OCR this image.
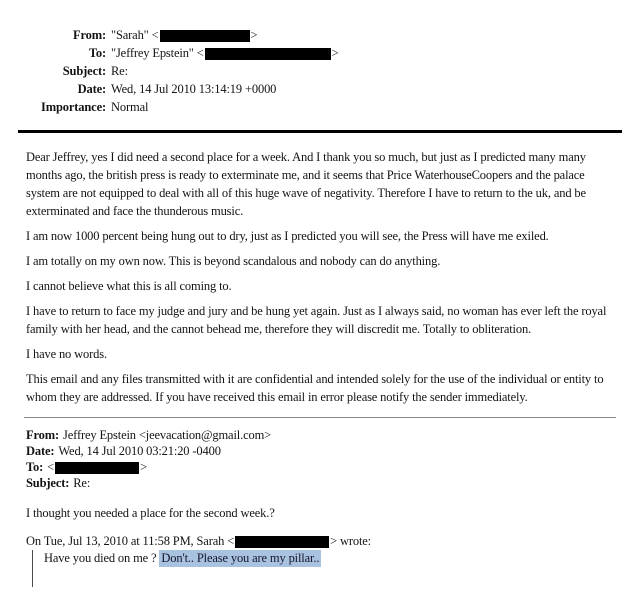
From: "Sarah" <	>
To: "Jeffrey Epstein" <	>
Subject: Re:
Date: Wed, 14 Jul 2010 13:14:19 +0000
Importance: Normal

Dear Jeffrey, yes I did need a second place for a week. And I thank you so much, but just as I predicted many many months ago, the british press is ready to exterminate me, and it seems that Price WaterhouseCoopers and the palace system are not equipped to deal with all of this huge wave of negativity. Therefore I have to return to the uk, and be exterminated and face the thunderous music.

I am now 1000 percent being hung out to dry, just as I predicted you will see, the Press will have me exiled.

I am totally on my own now. This is beyond scandalous and nobody can do anything.

I cannot believe what this is all coming to.

I have to return to face my judge and jury and be hung yet again. Just as I always said, no woman has ever left the royal family with her head, and the cannot behead me, therefore they will discredit me. Totally to obliteration.

I have no words.

This email and any files transmitted with it are confidential and intended solely for the use of the individual or entity to whom they are addressed. If you have received this email in error please notify the sender immediately.

From: Jeffrey Epstein <jeevacation@gmail.com>
Date: Wed, 14 Jul 2010 03:21:20 -0400
To: <	>
Subject: Re:
I thought you needed a place for the second week.?
On Tue, Jul 13, 2010 at 11:58 PM, Sarah <	> wrote:
Have you died on me ? Don't.. Please you are my pillar..
